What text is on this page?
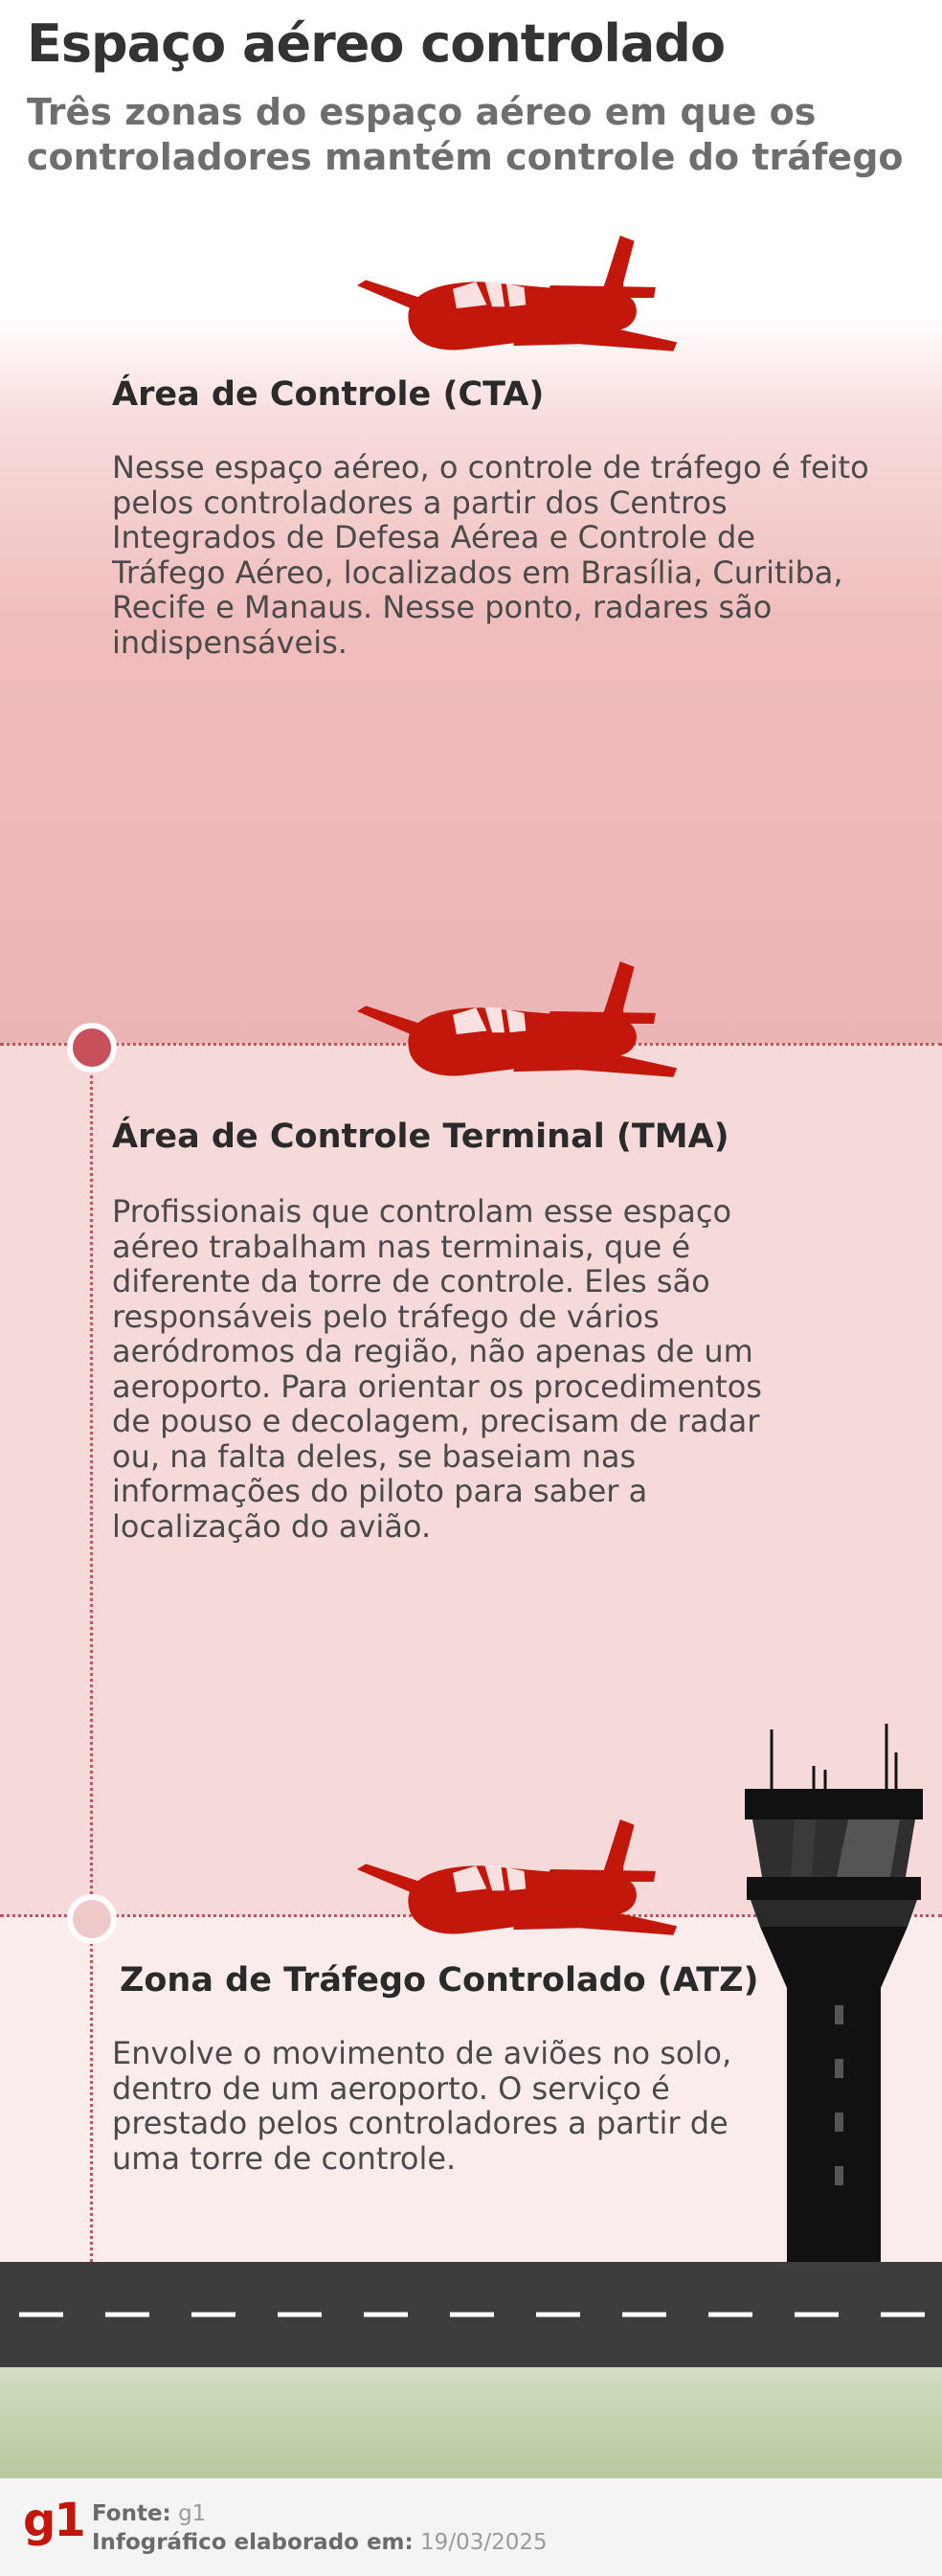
Espaço aéreo controlado
Três zonas do espaço aéreo em que os controladores mantém controle do tráfego
Área de Controle (CTA)
Nesse espaço aéreo, o controle de tráfego é feito pelos controladores a partir dos Centros Integrados de Defesa Aérea e Controle de Tráfego Aéreo, localizados em Brasília, Curitiba, Recife e Manaus. Nesse ponto, radares são indispensáveis.
Área de Controle Terminal (TMA)
Profissionais que controlam esse espaço aéreo trabalham nas terminais, que é diferente da torre de controle. Eles são responsáveis pelo tráfego de vários aeródromos da região, não apenas de um aeroporto. Para orientar os procedimentos de pouso e decolagem, precisam de radar ou, na falta deles, se baseiam nas informações do piloto para saber a localização do avião.
Zona de Tráfego Controlado (ATZ)
Envolve o movimento de aviões no solo, dentro de um aeroporto. O serviço é prestado pelos controladores a partir de uma torre de controle.
g1 Fonte: g1
Infográfico elaborado em: 19/03/2025
